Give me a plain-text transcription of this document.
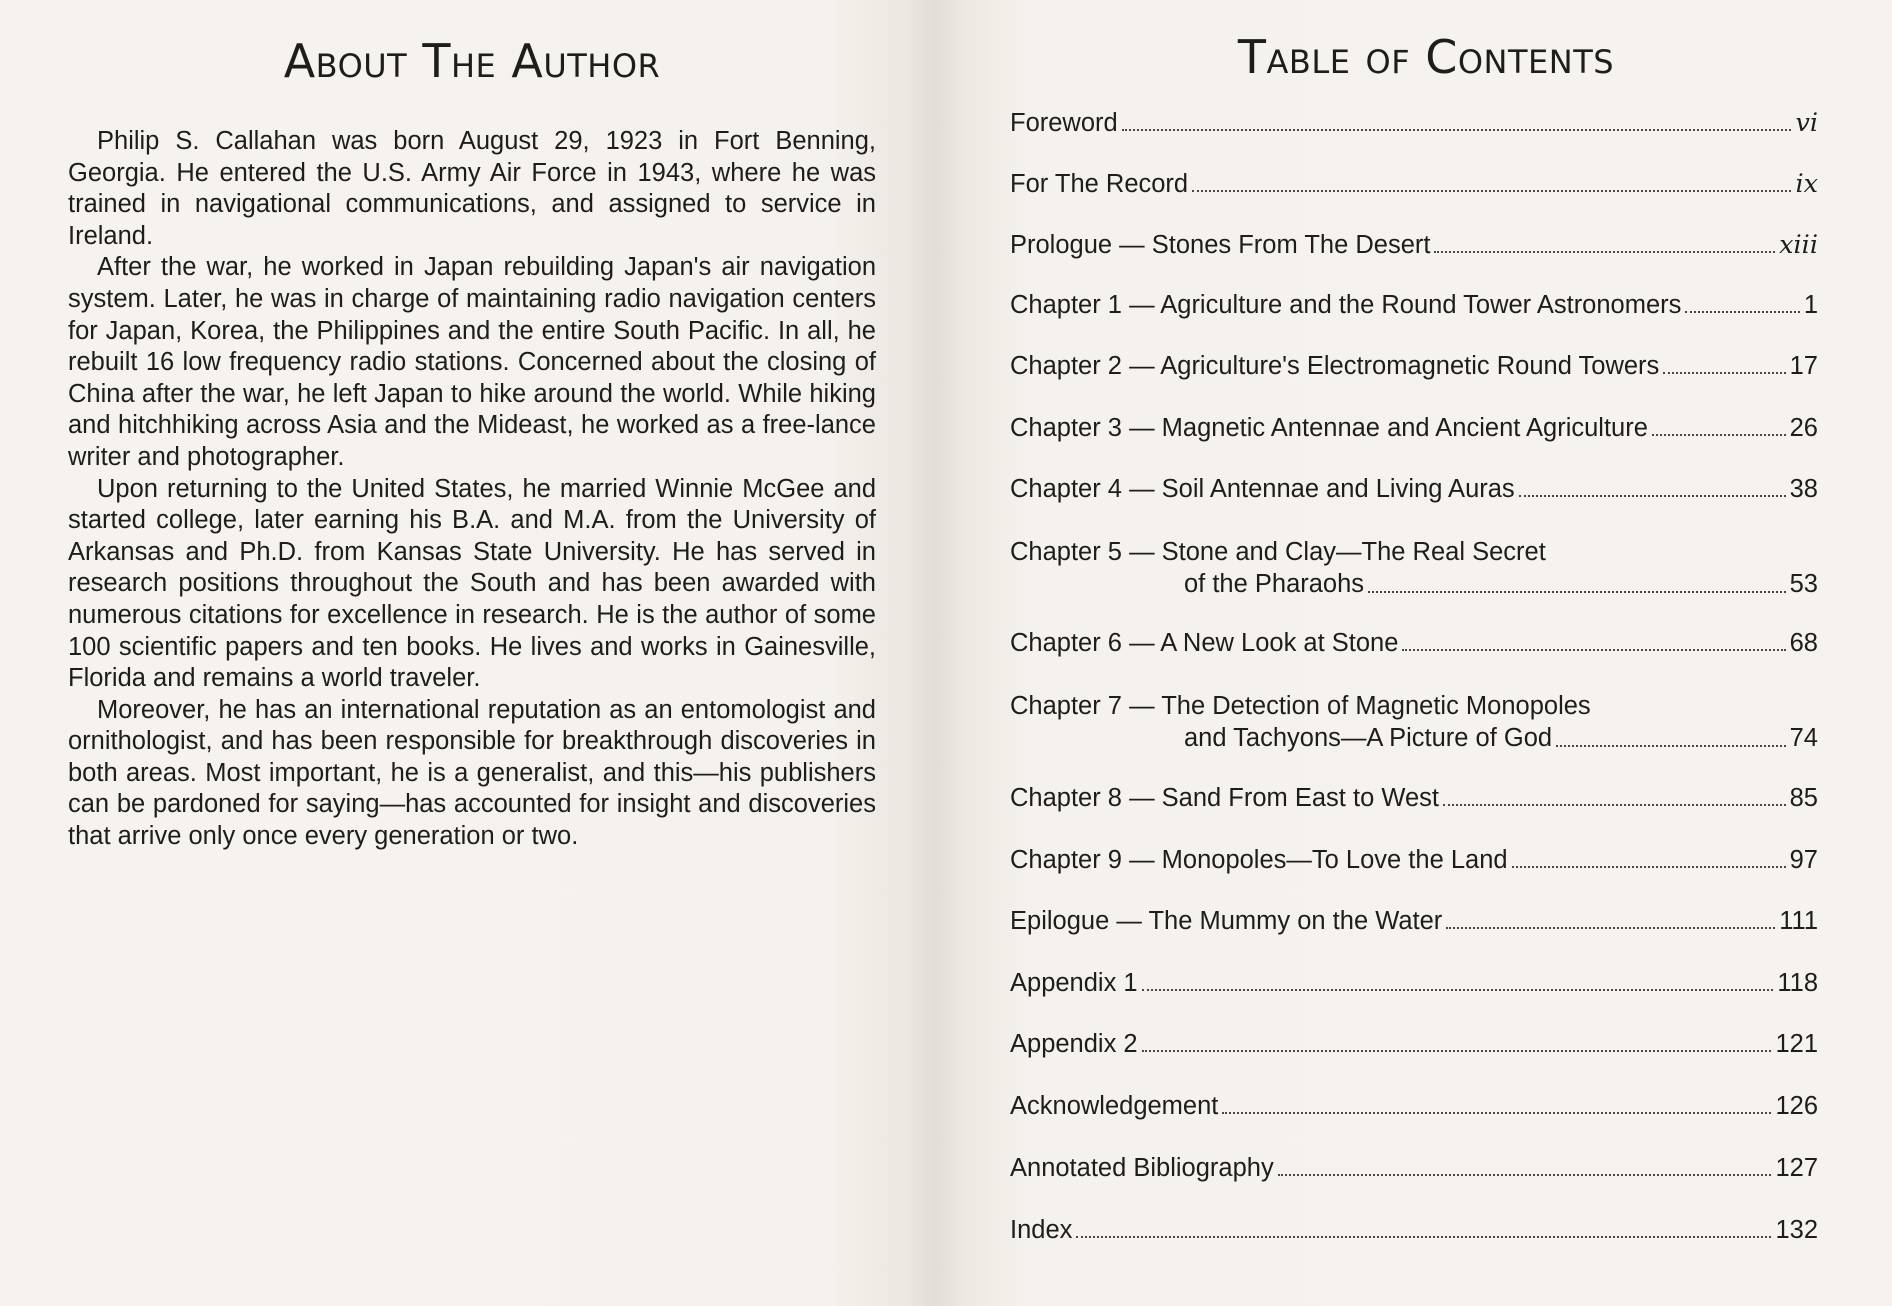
About The Author

Philip S. Callahan was born August 29, 1923 in Fort Benning, Georgia. He entered the U.S. Army Air Force in 1943, where he was trained in navigational communications, and assigned to service in Ireland.

After the war, he worked in Japan rebuilding Japan's air navigation system. Later, he was in charge of maintaining radio navigation centers for Japan, Korea, the Philippines and the entire South Pacific. In all, he rebuilt 16 low frequency radio stations. Concerned about the closing of China after the war, he left Japan to hike around the world. While hiking and hitchhiking across Asia and the Mideast, he worked as a free-lance writer and photographer.

Upon returning to the United States, he married Winnie McGee and started college, later earning his B.A. and M.A. from the University of Arkansas and Ph.D. from Kansas State University. He has served in research positions throughout the South and has been awarded with numerous citations for excellence in research. He is the author of some 100 scientific papers and ten books. He lives and works in Gainesville, Florida and remains a world traveler.

Moreover, he has an international reputation as an entomologist and ornithologist, and has been responsible for breakthrough discoveries in both areas. Most important, he is a generalist, and this—his publishers can be pardoned for saying—has accounted for insight and discoveries that arrive only once every generation or two.

Table of Contents
Foreword	vi
For The Record	ix
Prologue — Stones From The Desert	xiii
Chapter 1 — Agriculture and the Round Tower Astronomers	1
Chapter 2 — Agriculture's Electromagnetic Round Towers	17
Chapter 3 — Magnetic Antennae and Ancient Agriculture	26
Chapter 4 — Soil Antennae and Living Auras	38
Chapter 5 — Stone and Clay—The Real Secret
of the Pharaohs	53
Chapter 6 — A New Look at Stone	68
Chapter 7 — The Detection of Magnetic Monopoles
and Tachyons—A Picture of God	74
Chapter 8 — Sand From East to West	85
Chapter 9 — Monopoles—To Love the Land	97
Epilogue — The Mummy on the Water	111
Appendix 1	118
Appendix 2	121
Acknowledgement	126
Annotated Bibliography	127
Index	132
